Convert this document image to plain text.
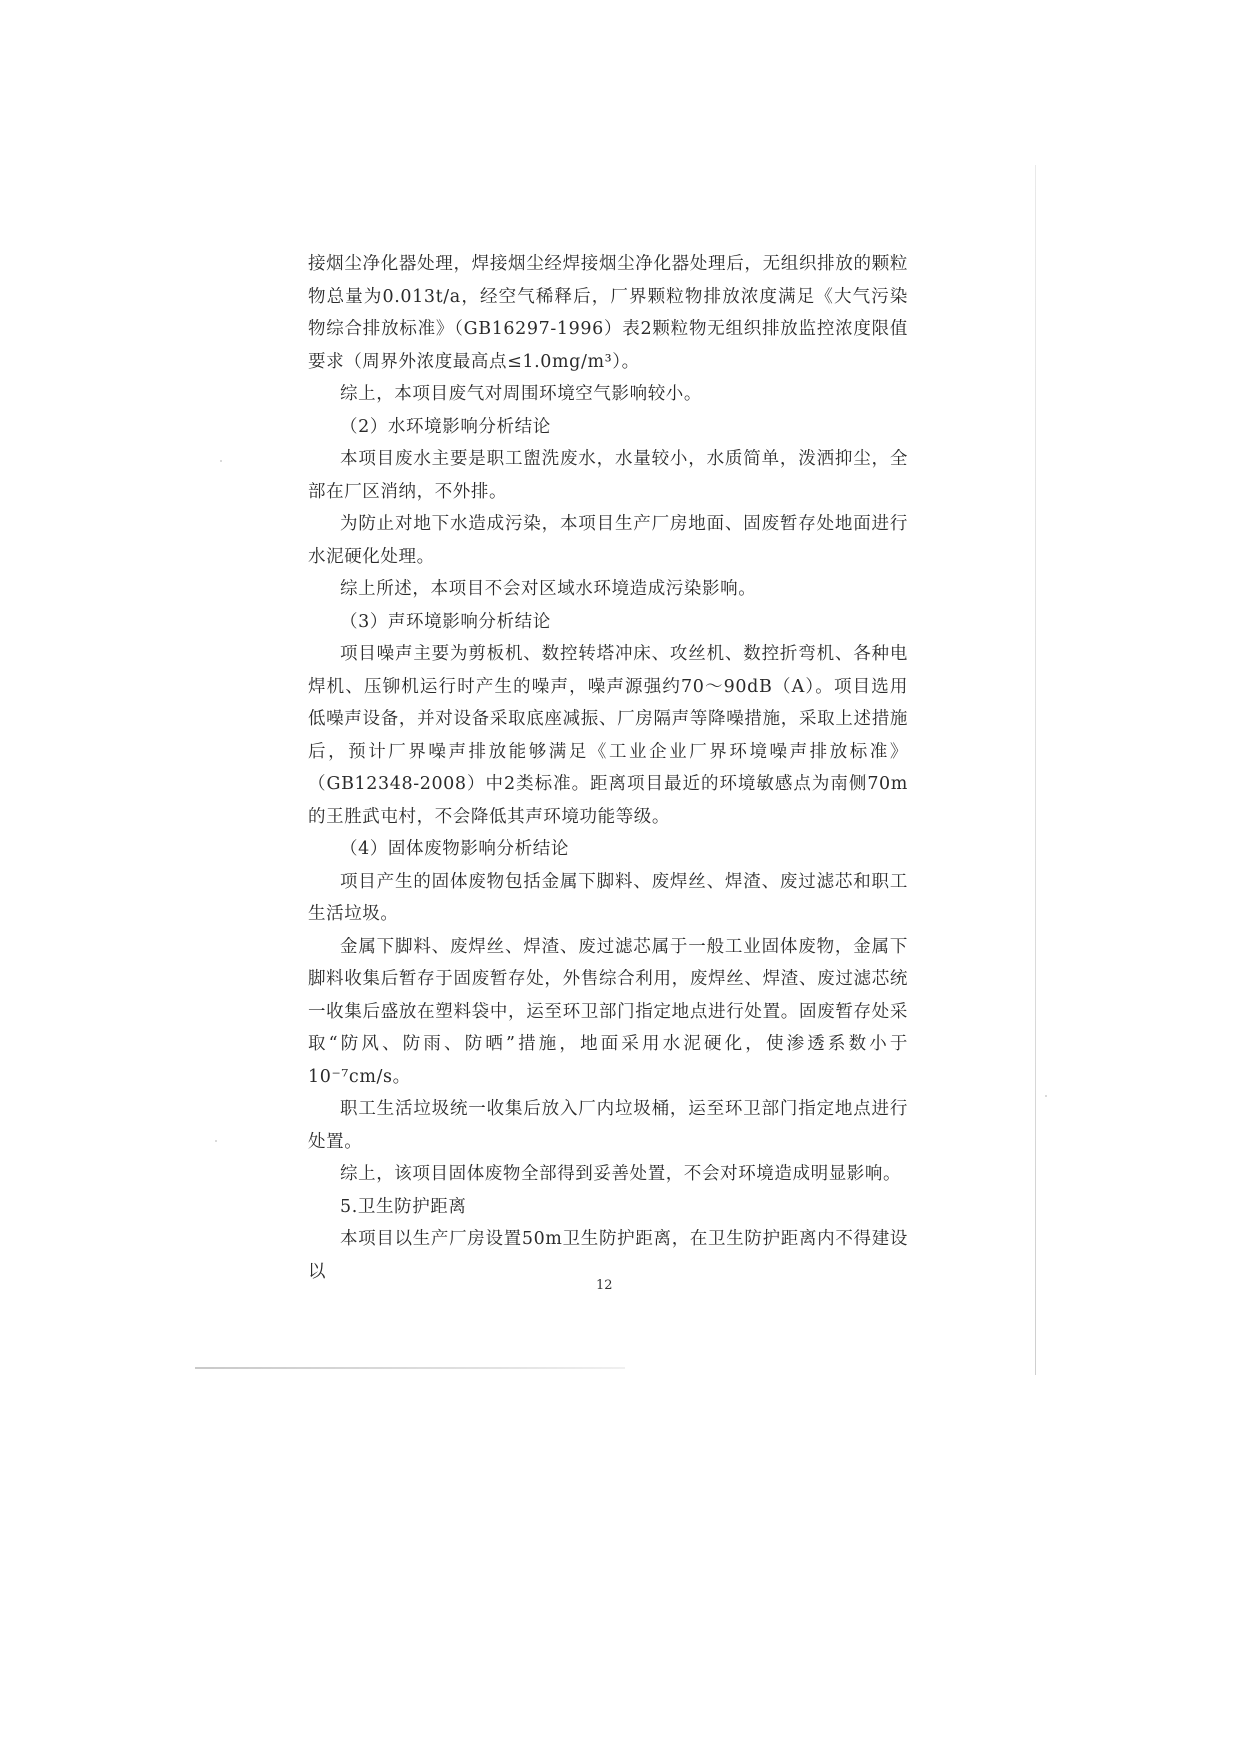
接烟尘净化器处理，焊接烟尘经焊接烟尘净化器处理后，无组织排放的颗粒物总量为0.013t/a，经空气稀释后，厂界颗粒物排放浓度满足《大气污染物综合排放标准》（GB16297-1996）表2颗粒物无组织排放监控浓度限值要求（周界外浓度最高点≤1.0mg/m³）。

综上，本项目废气对周围环境空气影响较小。

（2）水环境影响分析结论

本项目废水主要是职工盥洗废水，水量较小，水质简单，泼洒抑尘，全部在厂区消纳，不外排。

为防止对地下水造成污染，本项目生产厂房地面、固废暂存处地面进行水泥硬化处理。

综上所述，本项目不会对区域水环境造成污染影响。

（3）声环境影响分析结论

项目噪声主要为剪板机、数控转塔冲床、攻丝机、数控折弯机、各种电焊机、压铆机运行时产生的噪声，噪声源强约70～90dB（A）。项目选用低噪声设备，并对设备采取底座减振、厂房隔声等降噪措施，采取上述措施后，预计厂界噪声排放能够满足《工业企业厂界环境噪声排放标准》（GB12348-2008）中2类标准。距离项目最近的环境敏感点为南侧70m的王胜武屯村，不会降低其声环境功能等级。

（4）固体废物影响分析结论

项目产生的固体废物包括金属下脚料、废焊丝、焊渣、废过滤芯和职工生活垃圾。

金属下脚料、废焊丝、焊渣、废过滤芯属于一般工业固体废物，金属下脚料收集后暂存于固废暂存处，外售综合利用，废焊丝、焊渣、废过滤芯统一收集后盛放在塑料袋中，运至环卫部门指定地点进行处置。固废暂存处采取“防风、防雨、防晒”措施，地面采用水泥硬化，使渗透系数小于10⁻⁷cm/s。

职工生活垃圾统一收集后放入厂内垃圾桶，运至环卫部门指定地点进行处置。

综上，该项目固体废物全部得到妥善处置，不会对环境造成明显影响。

5.卫生防护距离

本项目以生产厂房设置50m卫生防护距离，在卫生防护距离内不得建设以

12
